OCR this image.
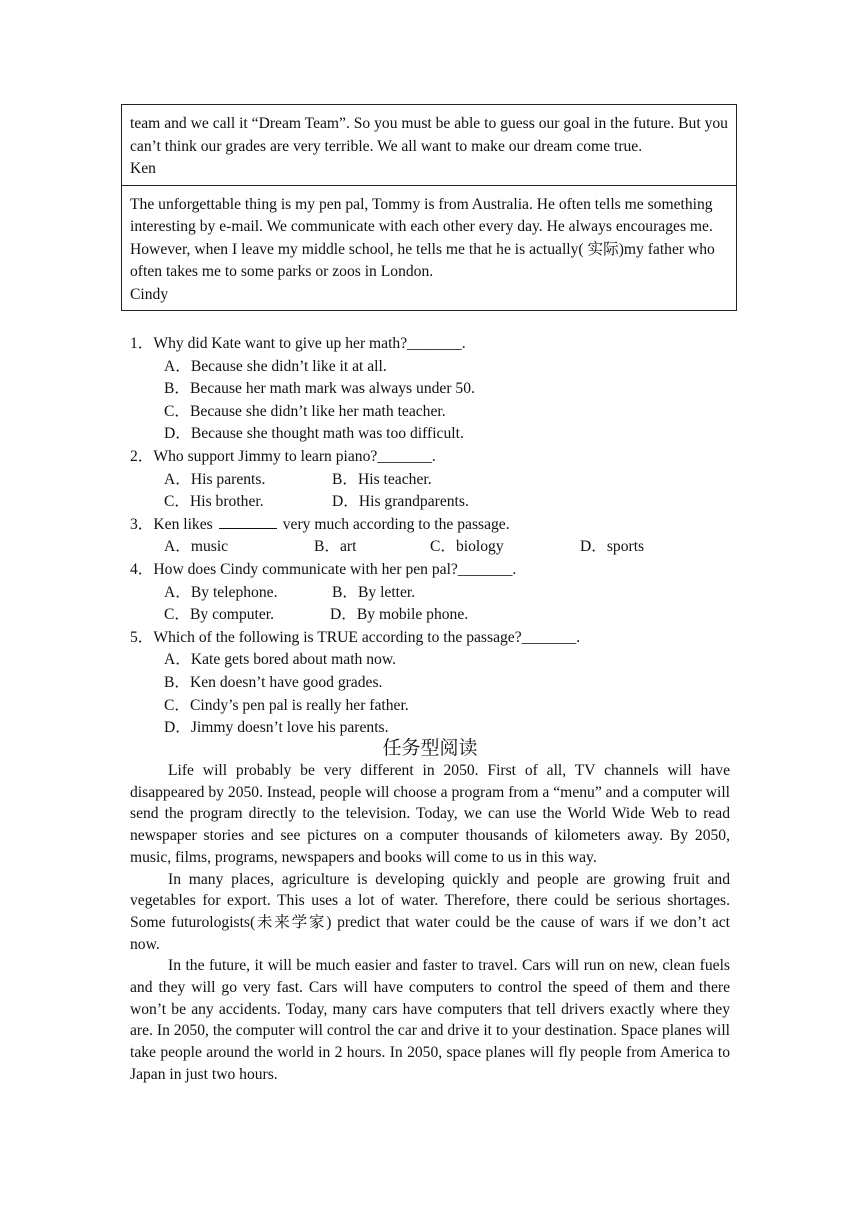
team and we call it “Dream Team”. So you must be able to guess our goal in the future. But you can’t think our grades are very terrible. We all want to make our dream come true.
Ken
The unforgettable thing is my pen pal, Tommy is from Australia. He often tells me something interesting by e-mail. We communicate with each other every day. He always encourages me. However, when I leave my middle school, he tells me that he is actually( 实际)my father who often takes me to some parks or zoos in London.
Cindy

1．Why did Kate want to give up her math?_______.

A．Because she didn’t like it at all.

B．Because her math mark was always under 50.

C．Because she didn’t like her math teacher.

D．Because she thought math was too difficult.

2．Who support Jimmy to learn piano?_______.

A．His parents.	B．His teacher.
C．His brother.	D．His grandparents.

3．Ken likes	very much according to the passage.

A．music	B．art	C．biology	D．sports

4．How does Cindy communicate with her pen pal?_______.

A．By telephone.	B．By letter.
C．By computer.	D．By mobile phone.

5．Which of the following is TRUE according to the passage?_______.

A．Kate gets bored about math now.

B．Ken doesn’t have good grades.

C．Cindy’s pen pal is really her father.

D．Jimmy doesn’t love his parents.

任务型阅读

Life will probably be very different in 2050. First of all, TV channels will have disappeared by 2050. Instead, people will choose a program from a “menu” and a computer will send the program directly to the television. Today, we can use the World Wide Web to read newspaper stories and see pictures on a computer thousands of kilometers away. By 2050, music, films, programs, newspapers and books will come to us in this way.

In many places, agriculture is developing quickly and people are growing fruit and vegetables for export. This uses a lot of water. Therefore, there could be serious shortages. Some futurologists(未来学家) predict that water could be the cause of wars if we don’t act now.

In the future, it will be much easier and faster to travel. Cars will run on new, clean fuels and they will go very fast. Cars will have computers to control the speed of them and there won’t be any accidents. Today, many cars have computers that tell drivers exactly where they are. In 2050, the computer will control the car and drive it to your destination. Space planes will take people around the world in 2 hours. In 2050, space planes will fly people from America to Japan in just two hours.
